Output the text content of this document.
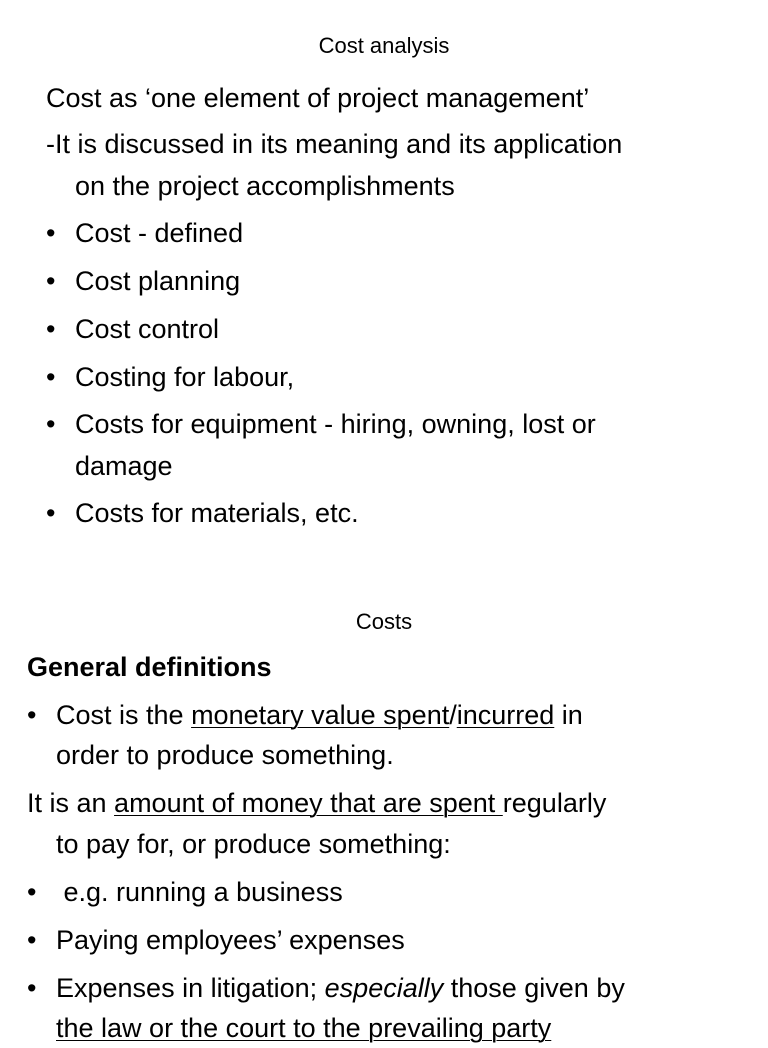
Cost analysis
Cost as ‘one element of project management’
-It is discussed in its meaning and its application
on the project accomplishments
• Cost - defined
• Cost planning
• Cost control
• Costing for labour,
• Costs for equipment - hiring, owning, lost or
damage
• Costs for materials, etc.
Costs
General definitions
• Cost is the monetary value spent/incurred in
order to produce something.
It is an amount of money that are spent regularly
to pay for, or produce something:
• e.g. running a business
• Paying employees’ expenses
• Expenses in litigation; especially those given by
the law or the court to the prevailing party
